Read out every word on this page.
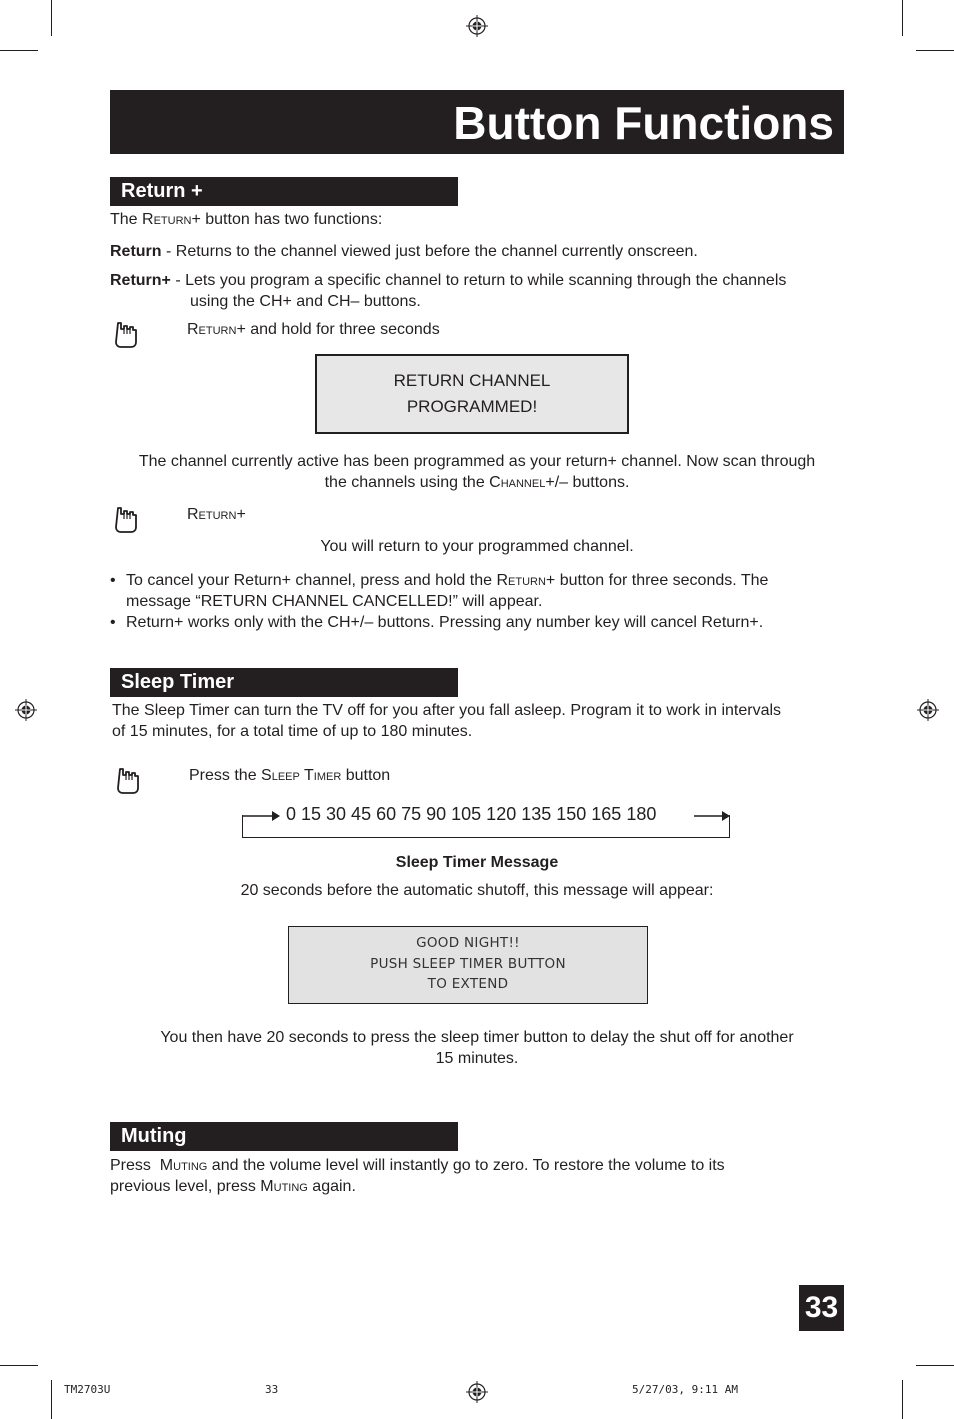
Button Functions
Return +
The Return+ button has two functions:
Return - Returns to the channel viewed just before the channel currently onscreen.
Return+ - Lets you program a specific channel to return to while scanning through the channels
using the CH+ and CH– buttons.
Return+ and hold for three seconds
RETURN CHANNEL
PROGRAMMED!
The channel currently active has been programmed as your return+ channel. Now scan through
the channels using the Channel+/– buttons.
Return+
You will return to your programmed channel.
• To cancel your Return+ channel, press and hold the Return+ button for three seconds. The
message “RETURN CHANNEL CANCELLED!” will appear.
• Return+ works only with the CH+/– buttons. Pressing any number key will cancel Return+.
Sleep Timer
The Sleep Timer can turn the TV off for you after you fall asleep. Program it to work in intervals
of 15 minutes, for a total time of up to 180 minutes.
Press the Sleep Timer button
0 15 30 45 60 75 90 105 120 135 150 165 180
Sleep Timer Message
20 seconds before the automatic shutoff, this message will appear:
GOOD NIGHT!!
PUSH SLEEP TIMER BUTTON
TO EXTEND
You then have 20 seconds to press the sleep timer button to delay the shut off for another
15 minutes.
Muting
Press  Muting and the volume level will instantly go to zero. To restore the volume to its
previous level, press Muting again.
33
TM2703U	33	5/27/03, 9:11 AM
